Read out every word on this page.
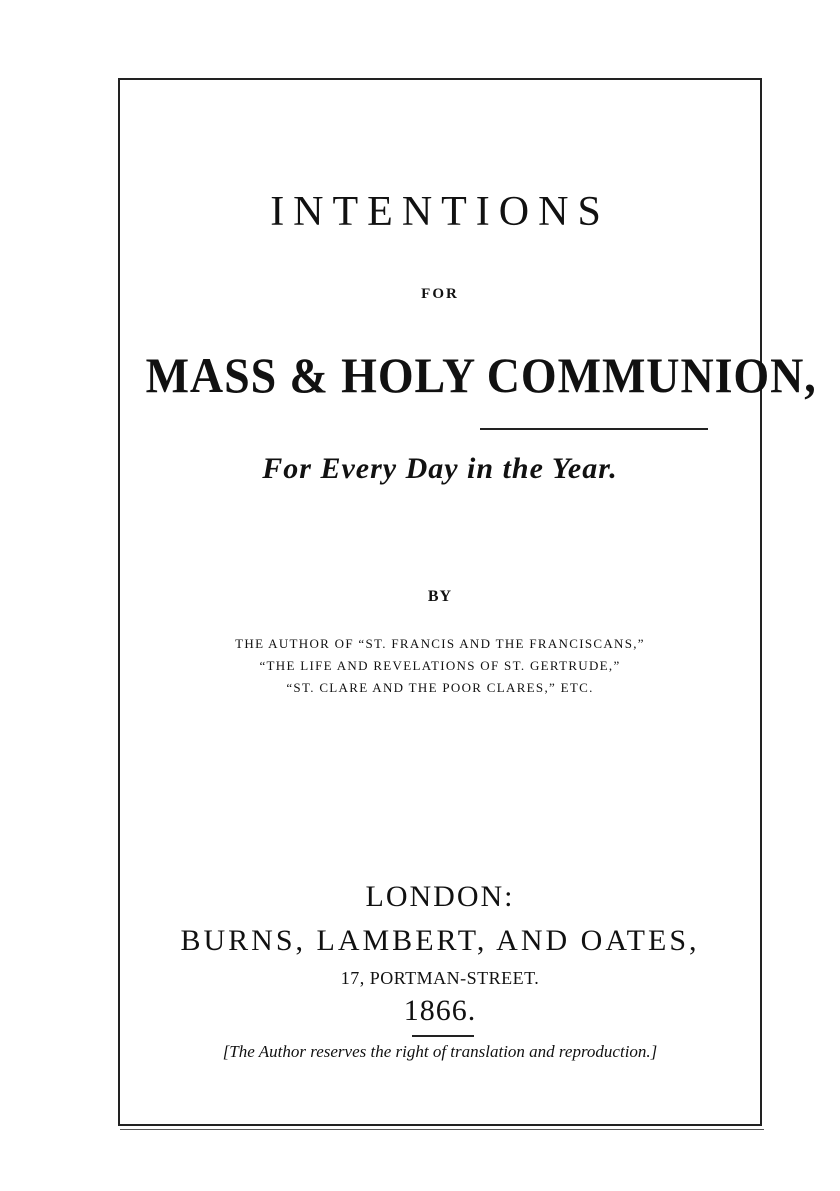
INTENTIONS
FOR
MASS & HOLY COMMUNION,
For Every Day in the Year.
BY
THE AUTHOR OF “ST. FRANCIS AND THE FRANCISCANS,”
“THE LIFE AND REVELATIONS OF ST. GERTRUDE,”
“ST. CLARE AND THE POOR CLARES,” ETC.
LONDON:
BURNS, LAMBERT, AND OATES,
17, PORTMAN-STREET.
1866.
[The Author reserves the right of translation and reproduction.]
